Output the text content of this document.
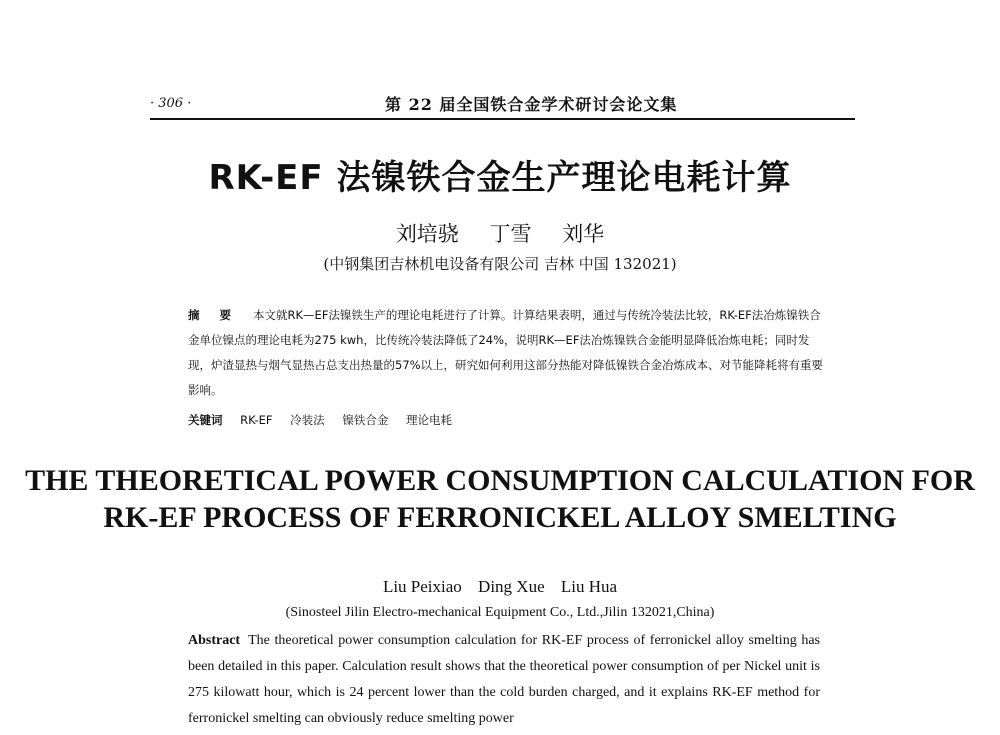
· 306 ·	第 22 届全国铁合金学术研讨会论文集
RK-EF 法镍铁合金生产理论电耗计算
刘培骁 丁雪 刘华
(中钢集团吉林机电设备有限公司 吉林 中国 132021)
摘 要 本文就RK—EF法镍铁生产的理论电耗进行了计算。计算结果表明，通过与传统冷装法比较，RK-EF法冶炼镍铁合金单位镍点的理论电耗为275 kwh，比传统冷装法降低了24%，说明RK—EF法冶炼镍铁合金能明显降低冶炼电耗；同时发现，炉渣显热与烟气显热占总支出热量的57%以上，研究如何利用这部分热能对降低镍铁合金冶炼成本、对节能降耗将有重要影响。
关键词 RK-EF 冷装法 镍铁合金 理论电耗
THE THEORETICAL POWER CONSUMPTION CALCULATION FOR RK-EF PROCESS OF FERRONICKEL ALLOY SMELTING
Liu Peixiao Ding Xue Liu Hua
(Sinosteel Jilin Electro-mechanical Equipment Co., Ltd.,Jilin 132021,China)
Abstract The theoretical power consumption calculation for RK-EF process of ferronickel alloy smelting has been detailed in this paper. Calculation result shows that the theoretical power consumption of per Nickel unit is 275 kilowatt hour, which is 24 percent lower than the cold burden charged, and it explains RK-EF method for ferronickel smelting can obviously reduce smelting power
